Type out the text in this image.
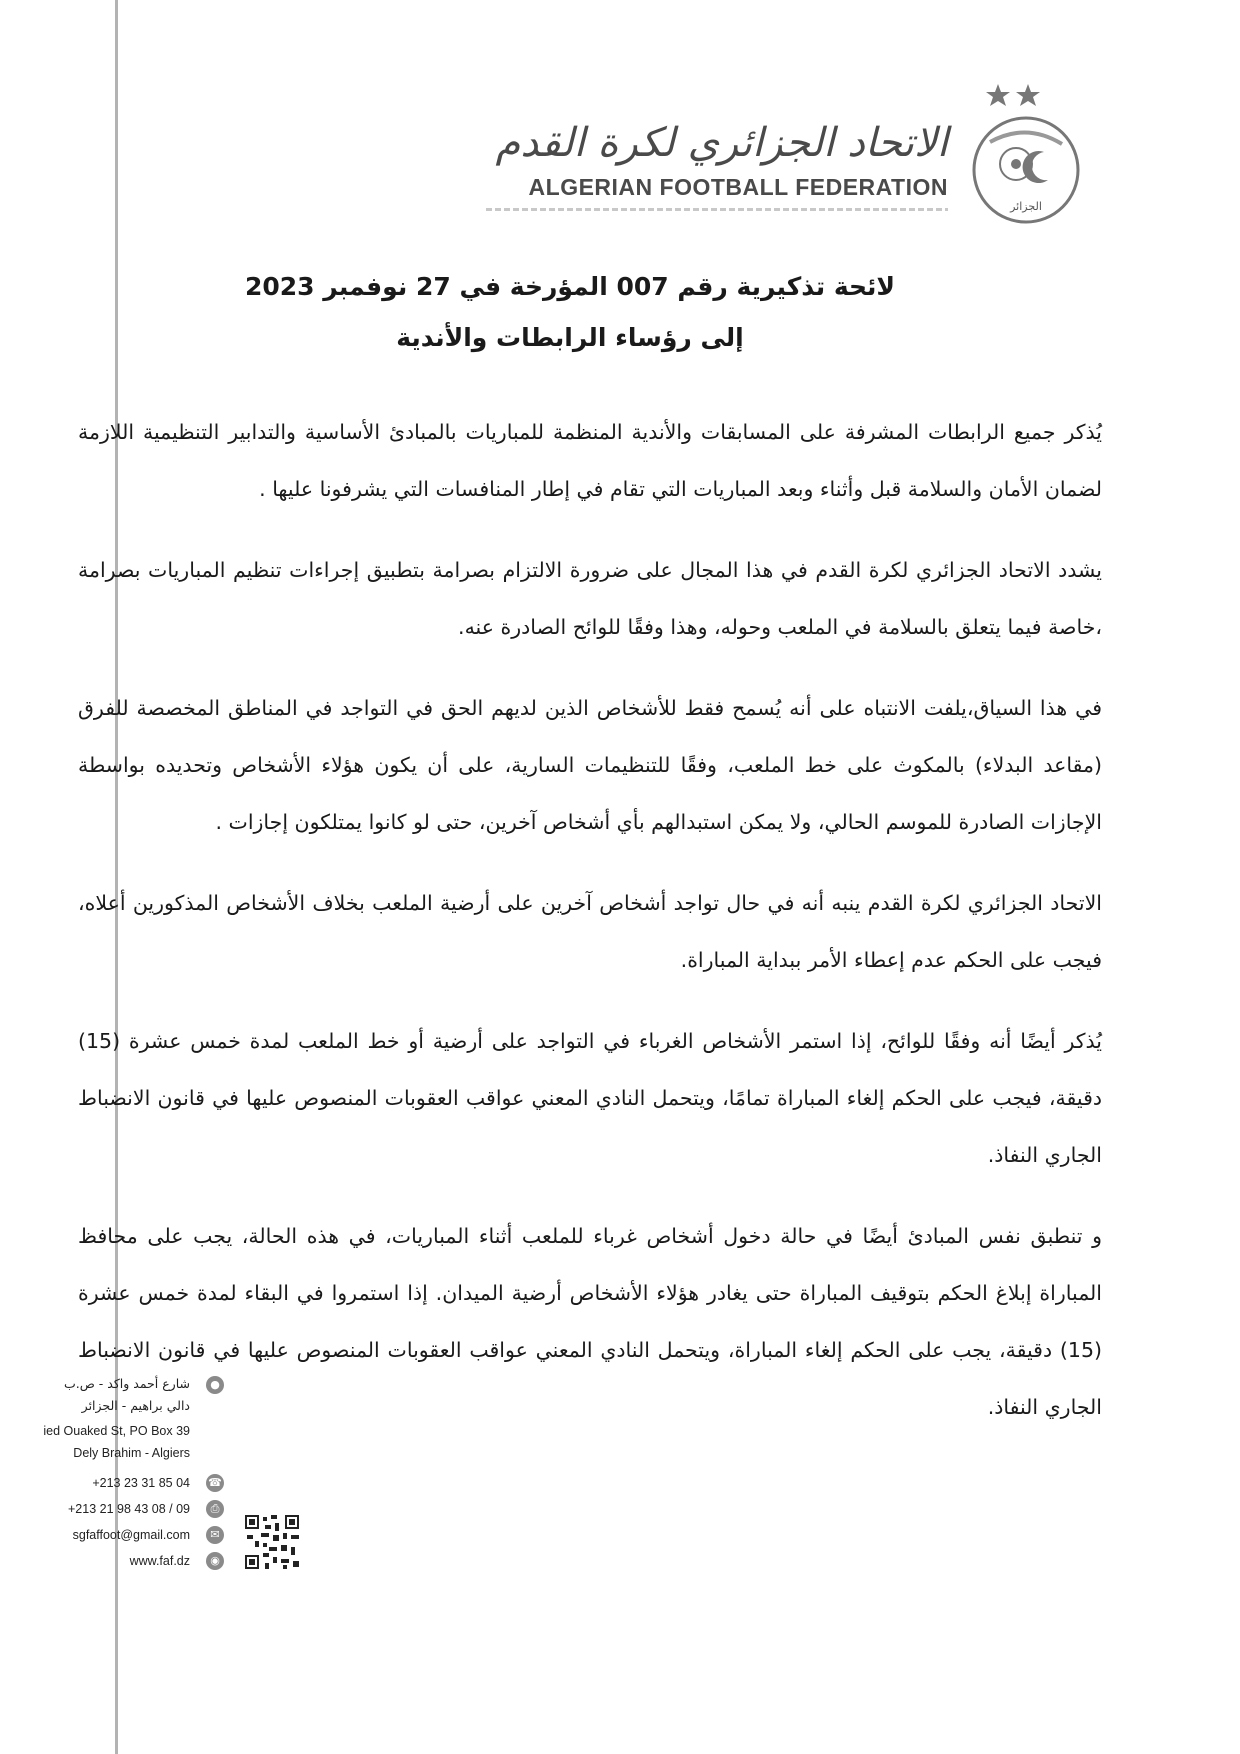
الاتحاد الجزائري لكرة القدم
ALGERIAN FOOTBALL FEDERATION
الجزائر
لائحة تذكيرية رقم 007 المؤرخة في 27 نوفمبر 2023
إلى رؤساء الرابطات والأندية

يُذكر جميع الرابطات المشرفة على المسابقات والأندية المنظمة للمباريات بالمبادئ الأساسية والتدابير التنظيمية اللازمة لضمان الأمان والسلامة قبل وأثناء وبعد المباريات التي تقام في إطار المنافسات التي يشرفونا عليها .

يشدد الاتحاد الجزائري لكرة القدم في هذا المجال على ضرورة الالتزام بصرامة بتطبيق إجراءات تنظيم المباريات بصرامة ،خاصة فيما يتعلق بالسلامة في الملعب وحوله، وهذا وفقًا للوائح الصادرة عنه.

في هذا السياق،يلفت الانتباه على أنه يُسمح فقط للأشخاص الذين لديهم الحق في التواجد في المناطق المخصصة للفرق (مقاعد البدلاء) بالمكوث على خط الملعب، وفقًا للتنظيمات السارية، على أن يكون هؤلاء الأشخاص وتحديده بواسطة الإجازات الصادرة للموسم الحالي، ولا يمكن استبدالهم بأي أشخاص آخرين، حتى لو كانوا يمتلكون إجازات .

الاتحاد الجزائري لكرة القدم ينبه أنه في حال تواجد أشخاص آخرين على أرضية الملعب بخلاف الأشخاص المذكورين أعلاه، فيجب على الحكم عدم إعطاء الأمر ببداية المباراة.

يُذكر أيضًا أنه وفقًا للوائح، إذا استمر الأشخاص الغرباء في التواجد على أرضية أو خط الملعب لمدة خمس عشرة (15) دقيقة، فيجب على الحكم إلغاء المباراة تمامًا، ويتحمل النادي المعني عواقب العقوبات المنصوص عليها في قانون الانضباط الجاري النفاذ.

و تنطبق نفس المبادئ أيضًا في حالة دخول أشخاص غرباء للملعب أثناء المباريات، في هذه الحالة، يجب على محافظ المباراة إبلاغ الحكم بتوقيف المباراة حتى يغادر هؤلاء الأشخاص أرضية الميدان. إذا استمروا في البقاء لمدة خمس عشرة (15) دقيقة، يجب على الحكم إلغاء المباراة، ويتحمل النادي المعني عواقب العقوبات المنصوص عليها في قانون الانضباط الجاري النفاذ.

●
شارع أحمد واكد - ص.ب
دالي براهيم - الجزائر
ied Ouaked St, PO Box 39
Dely Brahim - Algiers
☎
+213 23 31 85 04
⎙
+213 21 98 43 08 / 09
✉
sgfaffoot@gmail.com
◉
www.faf.dz
